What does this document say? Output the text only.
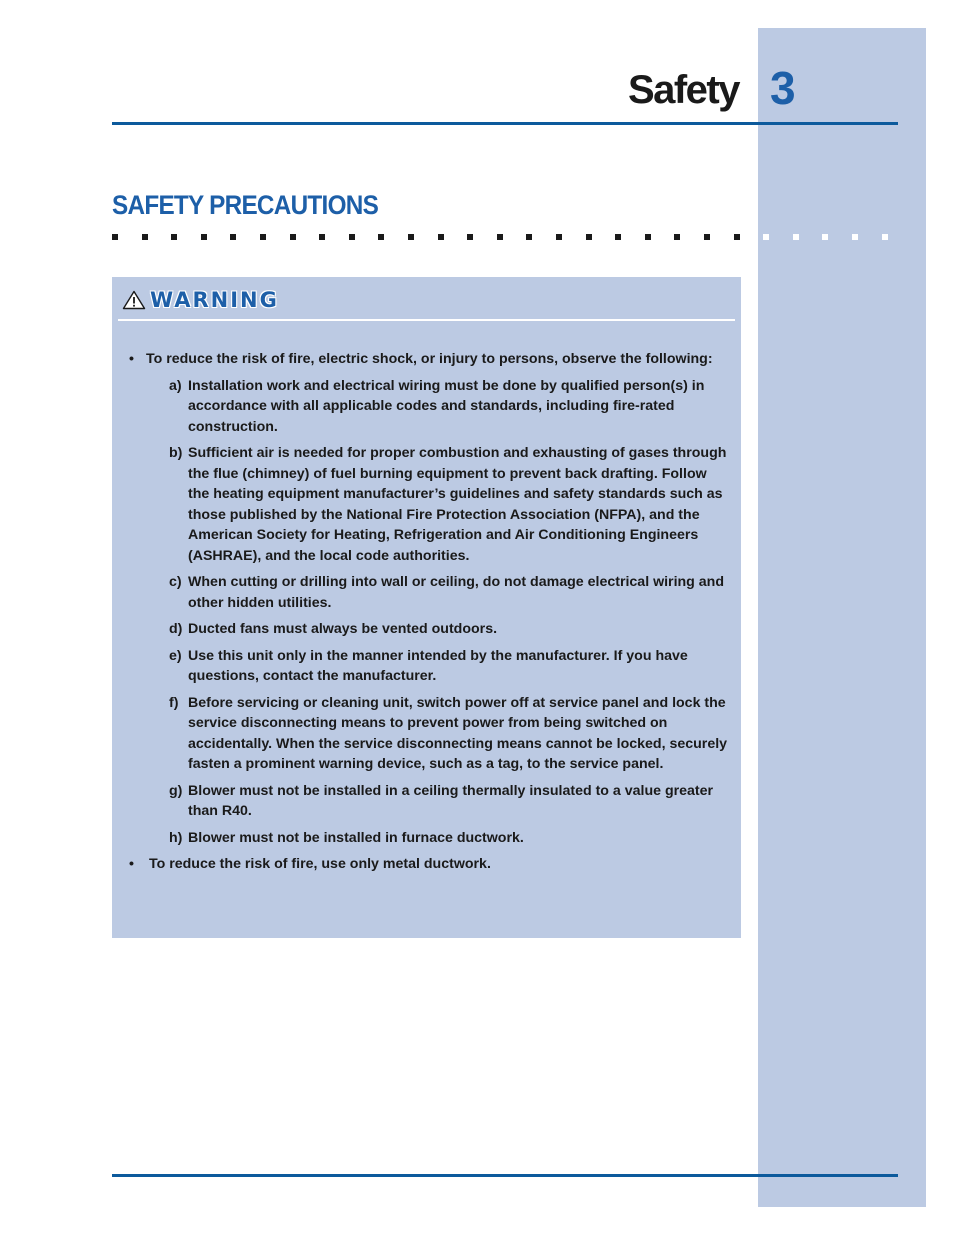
Safety 3
SAFETY PRECAUTIONS
WARNING
• To reduce the risk of fire, electric shock, or injury to persons, observe the following:
a) Installation work and electrical wiring must be done by qualified person(s) in accordance with all applicable codes and standards, including fire-rated construction.
b) Sufficient air is needed for proper combustion and exhausting of gases through the flue (chimney) of fuel burning equipment to prevent back drafting. Follow the heating equipment manufacturer’s guidelines and safety standards such as those published by the National Fire Protection Association (NFPA), and the American Society for Heating, Refrigeration and Air Conditioning Engineers (ASHRAE), and the local code authorities.
c) When cutting or drilling into wall or ceiling, do not damage electrical wiring and other hidden utilities.
d) Ducted fans must always be vented outdoors.
e) Use this unit only in the manner intended by the manufacturer. If you have questions, contact the manufacturer.
f) Before servicing or cleaning unit, switch power off at service panel and lock the service disconnecting means to prevent power from being switched on accidentally. When the service disconnecting means cannot be locked, securely fasten a prominent warning device, such as a tag, to the service panel.
g) Blower must not be installed in a ceiling thermally insulated to a value greater than R40.
h) Blower must not be installed in furnace ductwork.
• To reduce the risk of fire, use only metal ductwork.
